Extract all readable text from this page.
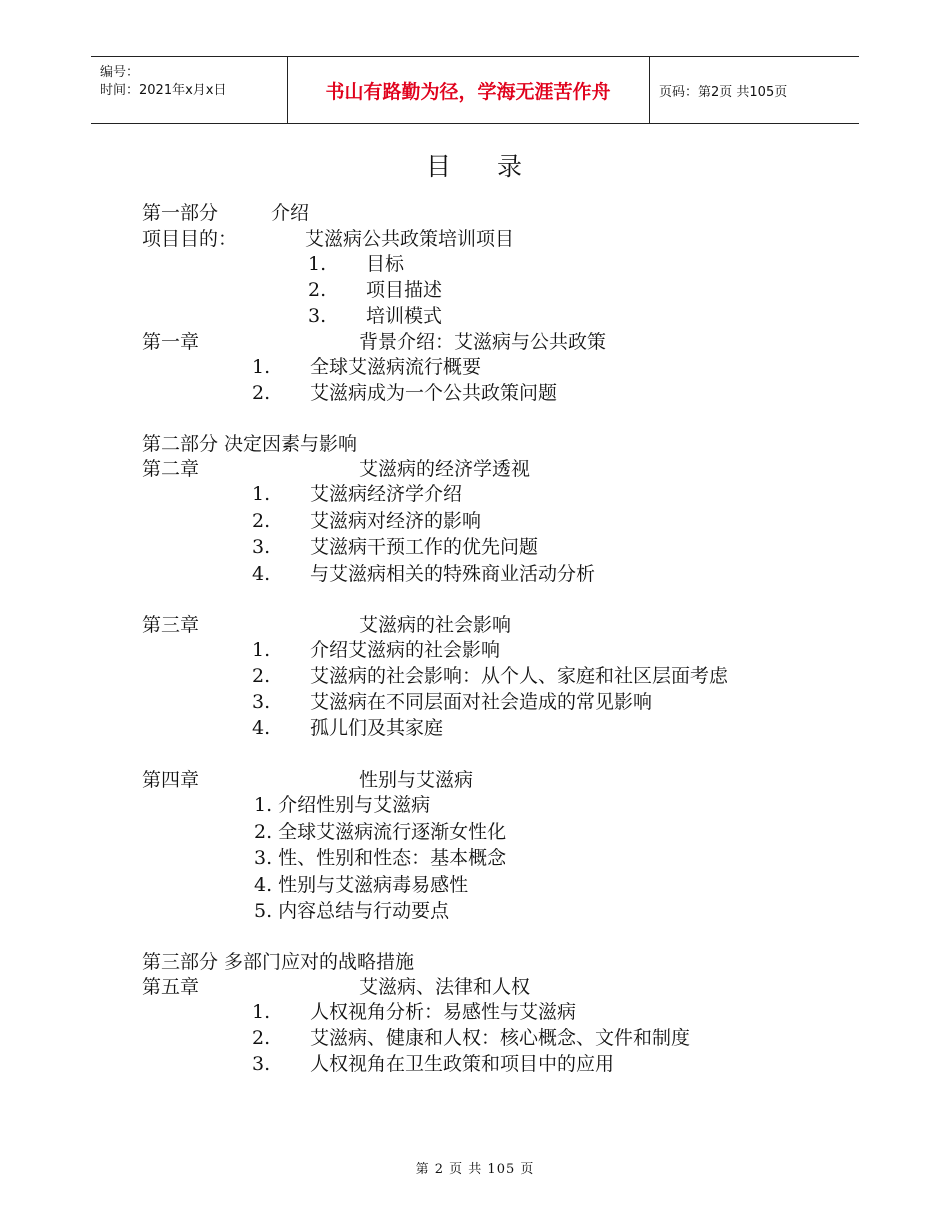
编号：
时间：2021年x月x日	书山有路勤为径，学海无涯苦作舟	页码：第2页 共105页
目 录
第一部分	介绍
项目目的：	艾滋病公共政策培训项目
1. 目标
2. 项目描述
3. 培训模式
第一章	背景介绍：艾滋病与公共政策
1. 全球艾滋病流行概要
2. 艾滋病成为一个公共政策问题
第二部分 决定因素与影响
第二章	艾滋病的经济学透视
1. 艾滋病经济学介绍
2. 艾滋病对经济的影响
3. 艾滋病干预工作的优先问题
4. 与艾滋病相关的特殊商业活动分析
第三章	艾滋病的社会影响
1. 介绍艾滋病的社会影响
2. 艾滋病的社会影响：从个人、家庭和社区层面考虑
3. 艾滋病在不同层面对社会造成的常见影响
4. 孤儿们及其家庭
第四章	性别与艾滋病
1. 介绍性别与艾滋病
2. 全球艾滋病流行逐渐女性化
3. 性、性别和性态：基本概念
4. 性别与艾滋病毒易感性
5. 内容总结与行动要点
第三部分 多部门应对的战略措施
第五章	艾滋病、法律和人权
1. 人权视角分析：易感性与艾滋病
2. 艾滋病、健康和人权：核心概念、文件和制度
3. 人权视角在卫生政策和项目中的应用
第 2 页 共 105 页
